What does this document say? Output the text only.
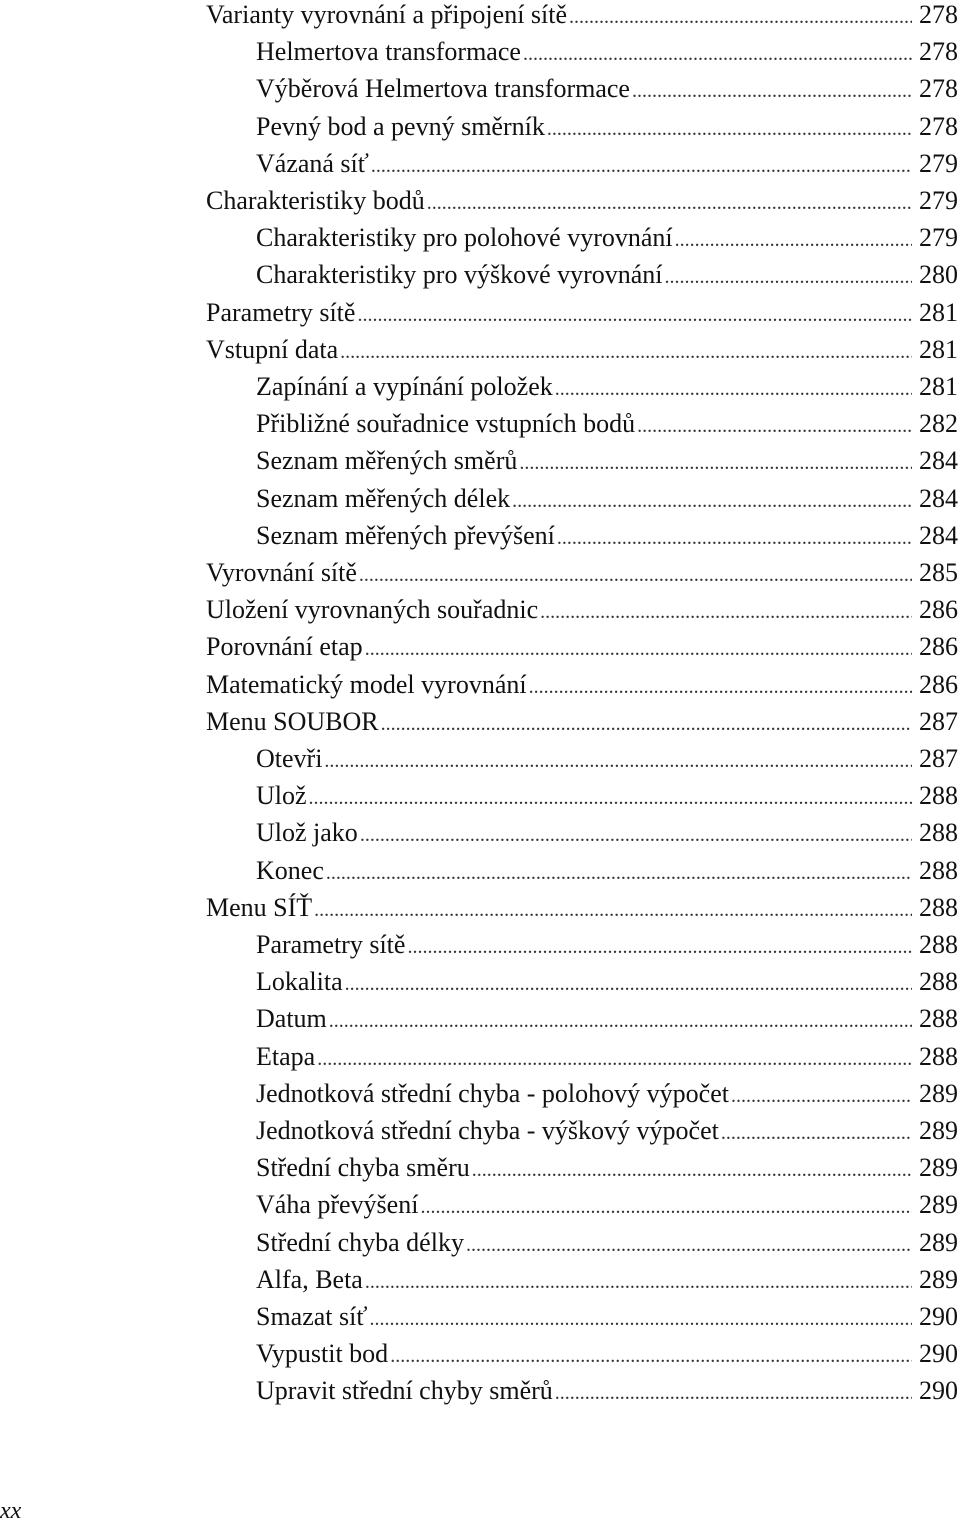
Varianty vyrovnání a připojení sítě .....	278
Helmertova transformace .....	278
Výběrová Helmertova transformace .....	278
Pevný bod a pevný směrník .....	278
Vázaná síť .....	279
Charakteristiky bodů .....	279
Charakteristiky pro polohové vyrovnání .....	279
Charakteristiky pro výškové vyrovnání .....	280
Parametry sítě .....	281
Vstupní data .....	281
Zapínání a vypínání položek .....	281
Přibližné souřadnice vstupních bodů .....	282
Seznam měřených směrů .....	284
Seznam měřených délek .....	284
Seznam měřených převýšení .....	284
Vyrovnání sítě .....	285
Uložení vyrovnaných souřadnic .....	286
Porovnání etap .....	286
Matematický model vyrovnání .....	286
Menu SOUBOR .....	287
Otevři .....	287
Ulož .....	288
Ulož jako .....	288
Konec .....	288
Menu SÍŤ .....	288
Parametry sítě .....	288
Lokalita .....	288
Datum .....	288
Etapa .....	288
Jednotková střední chyba - polohový výpočet .....	289
Jednotková střední chyba - výškový výpočet .....	289
Střední chyba směru .....	289
Váha převýšení .....	289
Střední chyba délky .....	289
Alfa, Beta .....	289
Smazat síť .....	290
Vypustit bod .....	290
Upravit střední chyby směrů .....	290
xx
